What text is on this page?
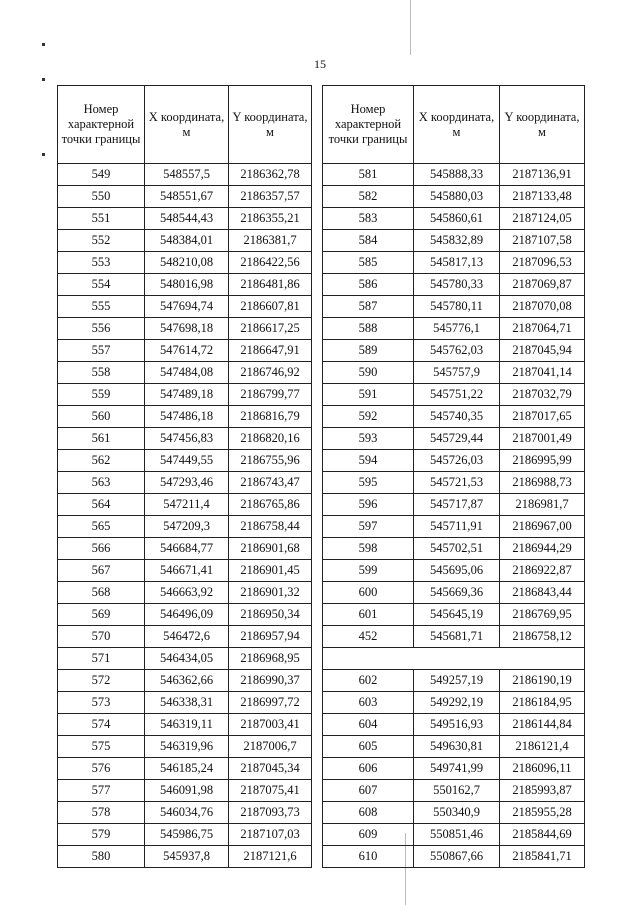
15
Номер характерной точки границы	X координата, м	Y координата, м
549	548557,5	2186362,78
550	548551,67	2186357,57
551	548544,43	2186355,21
552	548384,01	2186381,7
553	548210,08	2186422,56
554	548016,98	2186481,86
555	547694,74	2186607,81
556	547698,18	2186617,25
557	547614,72	2186647,91
558	547484,08	2186746,92
559	547489,18	2186799,77
560	547486,18	2186816,79
561	547456,83	2186820,16
562	547449,55	2186755,96
563	547293,46	2186743,47
564	547211,4	2186765,86
565	547209,3	2186758,44
566	546684,77	2186901,68
567	546671,41	2186901,45
568	546663,92	2186901,32
569	546496,09	2186950,34
570	546472,6	2186957,94
571	546434,05	2186968,95
572	546362,66	2186990,37
573	546338,31	2186997,72
574	546319,11	2187003,41
575	546319,96	2187006,7
576	546185,24	2187045,34
577	546091,98	2187075,41
578	546034,76	2187093,73
579	545986,75	2187107,03
580	545937,8	2187121,6
Номер характерной точки границы	X координата, м	Y координата, м
581	545888,33	2187136,91
582	545880,03	2187133,48
583	545860,61	2187124,05
584	545832,89	2187107,58
585	545817,13	2187096,53
586	545780,33	2187069,87
587	545780,11	2187070,08
588	545776,1	2187064,71
589	545762,03	2187045,94
590	545757,9	2187041,14
591	545751,22	2187032,79
592	545740,35	2187017,65
593	545729,44	2187001,49
594	545726,03	2186995,99
595	545721,53	2186988,73
596	545717,87	2186981,7
597	545711,91	2186967,00
598	545702,51	2186944,29
599	545695,06	2186922,87
600	545669,36	2186843,44
601	545645,19	2186769,95
452	545681,71	2186758,12

602	549257,19	2186190,19
603	549292,19	2186184,95
604	549516,93	2186144,84
605	549630,81	2186121,4
606	549741,99	2186096,11
607	550162,7	2185993,87
608	550340,9	2185955,28
609	550851,46	2185844,69
610	550867,66	2185841,71
